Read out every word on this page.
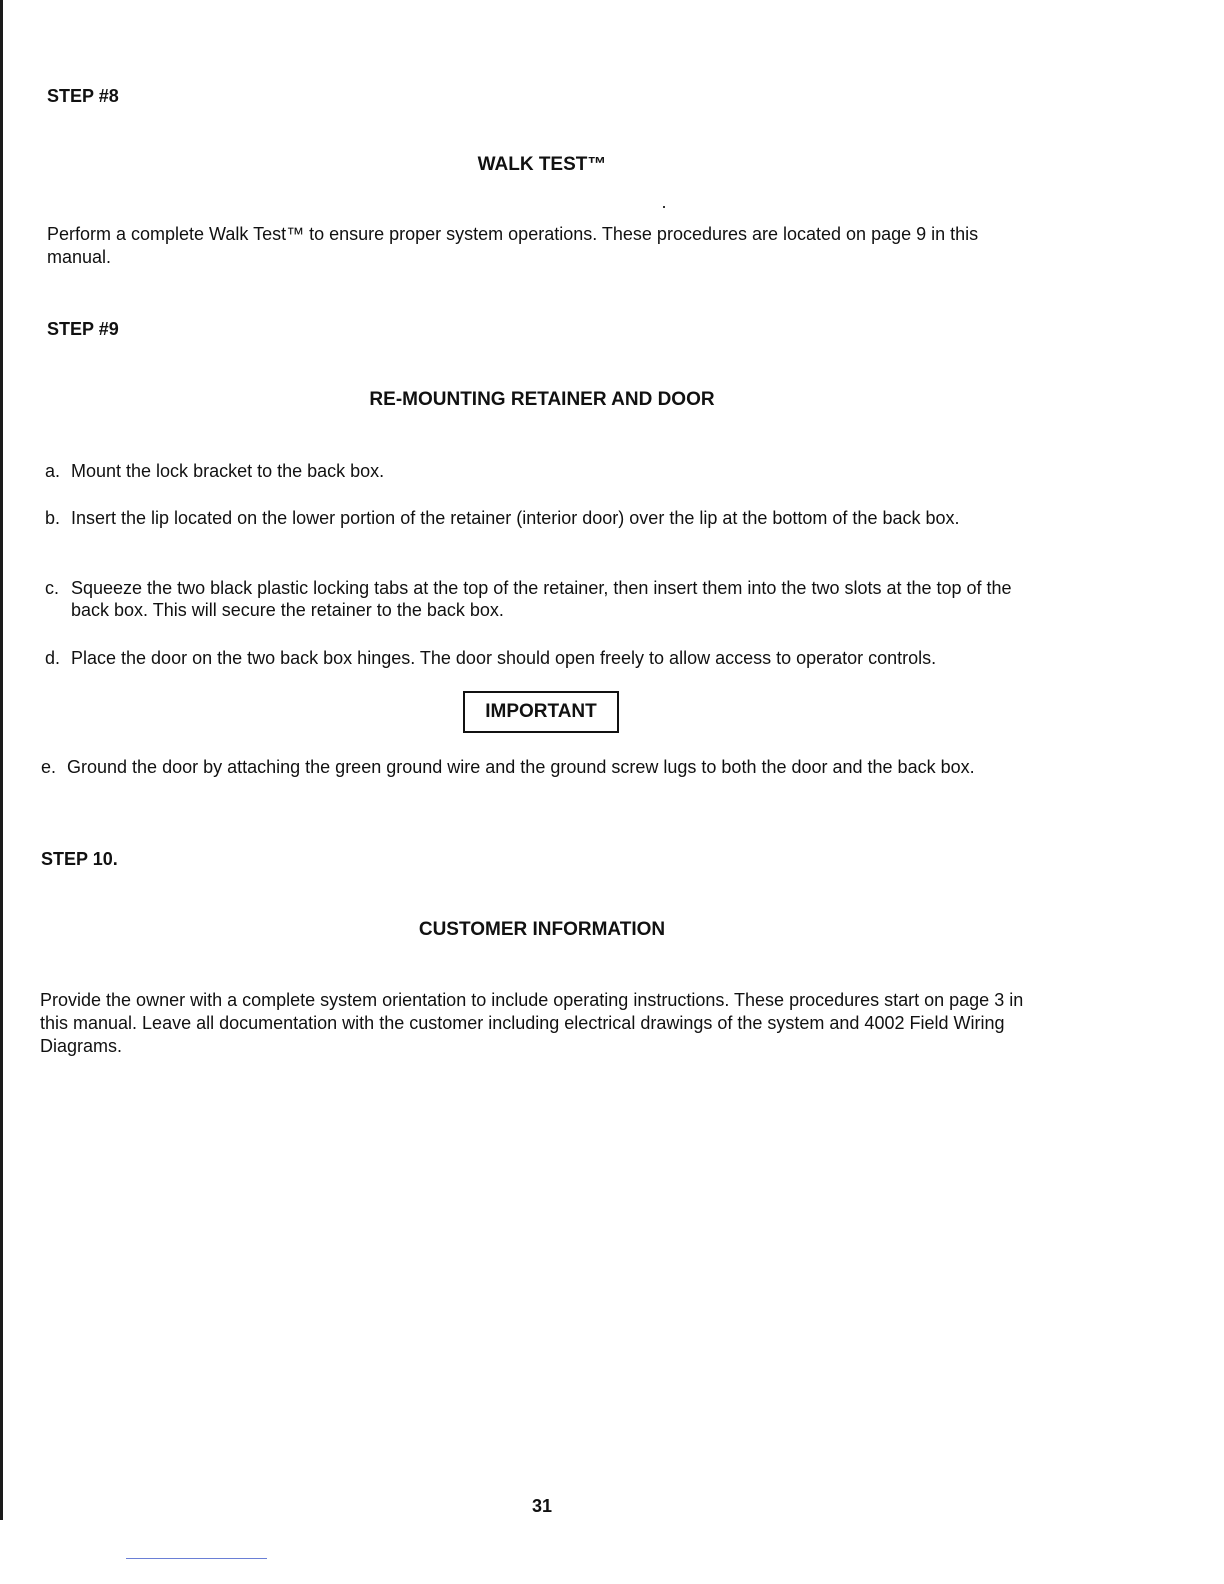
STEP #8
WALK TEST™

Perform a complete Walk Test™ to ensure proper system operations. These procedures are located on page 9 in this manual.

STEP #9
RE-MOUNTING RETAINER AND DOOR
a. Mount the lock bracket to the back box.
b. Insert the lip located on the lower portion of the retainer (interior door) over the lip at the bottom of the back box.
c. Squeeze the two black plastic locking tabs at the top of the retainer, then insert them into the two slots at the top of the back box. This will secure the retainer to the back box.
d. Place the door on the two back box hinges. The door should open freely to allow access to operator controls.
IMPORTANT
e. Ground the door by attaching the green ground wire and the ground screw lugs to both the door and the back box.
STEP 10.
CUSTOMER INFORMATION

Provide the owner with a complete system orientation to include operating instructions. These procedures start on page 3 in this manual. Leave all documentation with the customer including electrical drawings of the system and 4002 Field Wiring Diagrams.

31
